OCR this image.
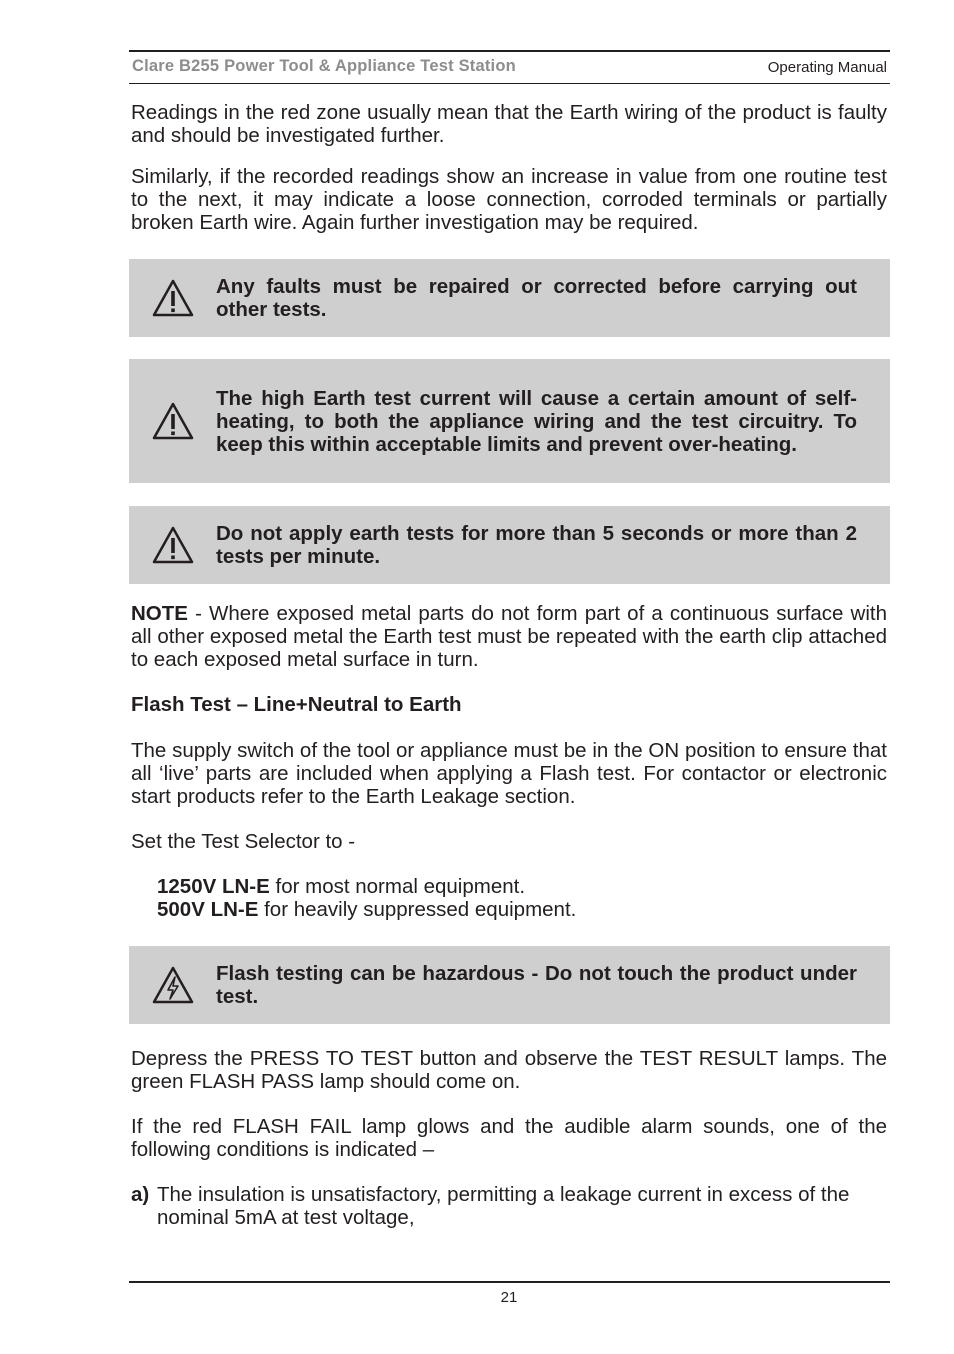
Clare B255 Power Tool & Appliance Test Station	Operating Manual

Readings in the red zone usually mean that the Earth wiring of the product is faulty and should be investigated further.

Similarly, if the recorded readings show an increase in value from one routine test to the next, it may indicate a loose connection, corroded terminals or partially broken Earth wire. Again further investigation may be required.

Any faults must be repaired or corrected before carrying out other tests.
The high Earth test current will cause a certain amount of self-heating, to both the appliance wiring and the test circuitry. To keep this within acceptable limits and prevent over-heating.
Do not apply earth tests for more than 5 seconds or more than 2 tests per minute.

NOTE - Where exposed metal parts do not form part of a continuous surface with all other exposed metal the Earth test must be repeated with the earth clip attached to each exposed metal surface in turn.

Flash Test – Line+Neutral to Earth

The supply switch of the tool or appliance must be in the ON position to ensure that all ‘live’ parts are included when applying a Flash test. For contactor or electronic start products refer to the Earth Leakage section.

Set the Test Selector to -

1250V LN-E for most normal equipment.

500V LN-E for heavily suppressed equipment.

Flash testing can be hazardous - Do not touch the product under test.

Depress the PRESS TO TEST button and observe the TEST RESULT lamps. The green FLASH PASS lamp should come on.

If the red FLASH FAIL lamp glows and the audible alarm sounds, one of the following conditions is indicated –

a) The insulation is unsatisfactory, permitting a leakage current in excess of the nominal 5mA at test voltage,
21
